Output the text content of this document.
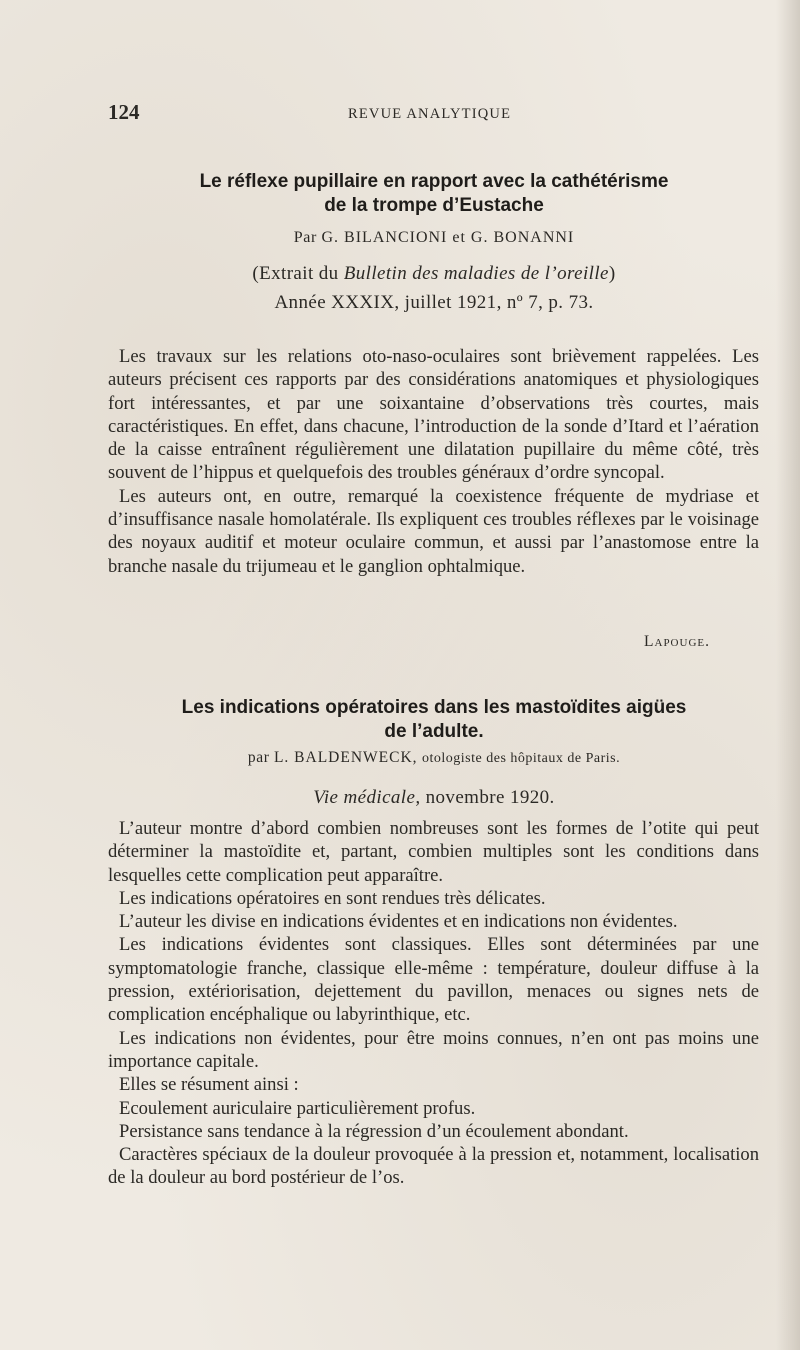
124	REVUE ANALYTIQUE
Le réflexe pupillaire en rapport avec la cathétérisme
de la trompe d’Eustache
Par G. BILANCIONI et G. BONANNI
(Extrait du Bulletin des maladies de l’oreille)
Année XXXIX, juillet 1921, nº 7, p. 73.

Les travaux sur les relations oto-naso-oculaires sont brièvement rappelées. Les auteurs précisent ces rapports par des considérations anatomiques et physiologiques fort intéressantes, et par une soixantaine d’observations très courtes, mais caractéristiques. En effet, dans chacune, l’introduction de la sonde d’Itard et l’aération de la caisse entraînent régulièrement une dilatation pupillaire du même côté, très souvent de l’hippus et quelquefois des troubles généraux d’ordre syncopal.

Les auteurs ont, en outre, remarqué la coexistence fréquente de mydriase et d’insuffisance nasale homolatérale. Ils expliquent ces troubles réflexes par le voisinage des noyaux auditif et moteur oculaire commun, et aussi par l’anastomose entre la branche nasale du trijumeau et le ganglion ophtalmique.

Lapouge.
Les indications opératoires dans les mastoïdites aigües
de l’adulte.
par L. BALDENWECK, otologiste des hôpitaux de Paris.
Vie médicale, novembre 1920.

L’auteur montre d’abord combien nombreuses sont les formes de l’otite qui peut déterminer la mastoïdite et, partant, combien multiples sont les conditions dans lesquelles cette complication peut apparaître.

Les indications opératoires en sont rendues très délicates.

L’auteur les divise en indications évidentes et en indications non évidentes.

Les indications évidentes sont classiques. Elles sont déterminées par une symptomatologie franche, classique elle-même : température, douleur diffuse à la pression, extériorisation, dejettement du pavillon, menaces ou signes nets de complication encéphalique ou labyrinthique, etc.

Les indications non évidentes, pour être moins connues, n’en ont pas moins une importance capitale.

Elles se résument ainsi :

Ecoulement auriculaire particulièrement profus.

Persistance sans tendance à la régression d’un écoulement abondant.

Caractères spéciaux de la douleur provoquée à la pression et, notamment, localisation de la douleur au bord postérieur de l’os.
